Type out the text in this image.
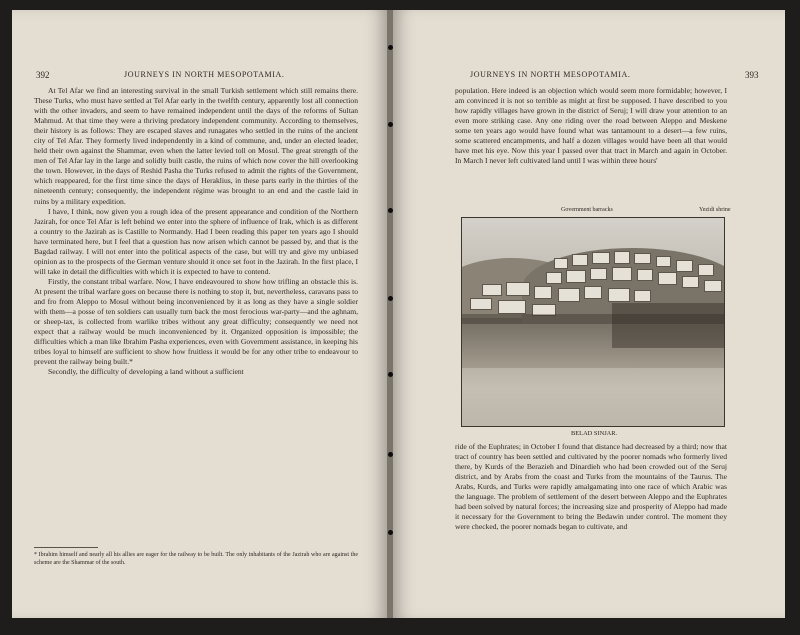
392	JOURNEYS IN NORTH MESOPOTAMIA.

At Tel Afar we find an interesting survival in the small Turkish settlement which still remains there. These Turks, who must have settled at Tel Afar early in the twelfth century, apparently lost all connection with the other invaders, and seem to have remained independent until the days of the reforms of Sultan Mahmud. At that time they were a thriving predatory independent community. According to themselves, their history is as follows: They are escaped slaves and runagates who settled in the ruins of the ancient city of Tel Afar. They formerly lived independently in a kind of commune, and, under an elected leader, held their own against the Shammar, even when the latter levied toll on Mosul. The great strength of the men of Tel Afar lay in the large and solidly built castle, the ruins of which now cover the hill overlooking the town. However, in the days of Reshid Pasha the Turks refused to admit the rights of the Government, which reappeared, for the first time since the days of Heraklius, in these parts early in the thirties of the nineteenth century; consequently, the independent régime was brought to an end and the castle laid in ruins by a military expedition.

I have, I think, now given you a rough idea of the present appearance and condition of the Northern Jazirah, for once Tel Afar is left behind we enter into the sphere of influence of Irak, which is as different a country to the Jazirah as is Castille to Normandy. Had I been reading this paper ten years ago I should have terminated here, but I feel that a question has now arisen which cannot be passed by, and that is the Bagdad railway. I will not enter into the political aspects of the case, but will try and give my unbiased opinion as to the prospects of the German venture should it once set foot in the Jazirah. In the first place, I will take in detail the difficulties with which it is expected to have to contend.

Firstly, the constant tribal warfare. Now, I have endeavoured to show how trifling an obstacle this is. At present the tribal warfare goes on because there is nothing to stop it, but, nevertheless, caravans pass to and fro from Aleppo to Mosul without being inconvenienced by it as long as they have a single soldier with them—a posse of ten soldiers can usually turn back the most ferocious war-party—and the aghnam, or sheep-tax, is collected from warlike tribes without any great difficulty; consequently we need not expect that a railway would be much inconvenienced by it. Organized opposition is impossible; the difficulties which a man like Ibrahim Pasha experiences, even with Government assistance, in keeping his tribes loyal to himself are sufficient to show how fruitless it would be for any other tribe to endeavour to prevent the railway being built.*

Secondly, the difficulty of developing a land without a sufficient

* Ibrahim himself and nearly all his allies are eager for the railway to be built. The only inhabitants of the Jazirah who are against the scheme are the Shammar of the south.
JOURNEYS IN NORTH MESOPOTAMIA.	393
population. Here indeed is an objection which would seem more formidable; however, I am convinced it is not so terrible as might at first be supposed. I have described to you how rapidly villages have grown in the district of Seruj; I will draw your attention to an even more striking case. Any one riding over the road between Aleppo and Meskene some ten years ago would have found what was tantamount to a desert—a few ruins, some scattered encampments, and half a dozen villages would have been all that would have met his eye. Now this year I passed over that tract in March and again in October. In March I never left cultivated land until I was within three hours'
Government barracks	Yezidi shrine
BELAD SINJAR.
ride of the Euphrates; in October I found that distance had decreased by a third; now that tract of country has been settled and cultivated by the poorer nomads who formerly lived there, by Kurds of the Berazieh and Dinardieh who had been crowded out of the Seruj district, and by Arabs from the coast and Turks from the mountains of the Taurus. The Arabs, Kurds, and Turks were rapidly amalgamating into one race of which Arabic was the language. The problem of settlement of the desert between Aleppo and the Euphrates had been solved by natural forces; the increasing size and prosperity of Aleppo had made it necessary for the Government to bring the Bedawin under control. The moment they were checked, the poorer nomads began to cultivate, and
